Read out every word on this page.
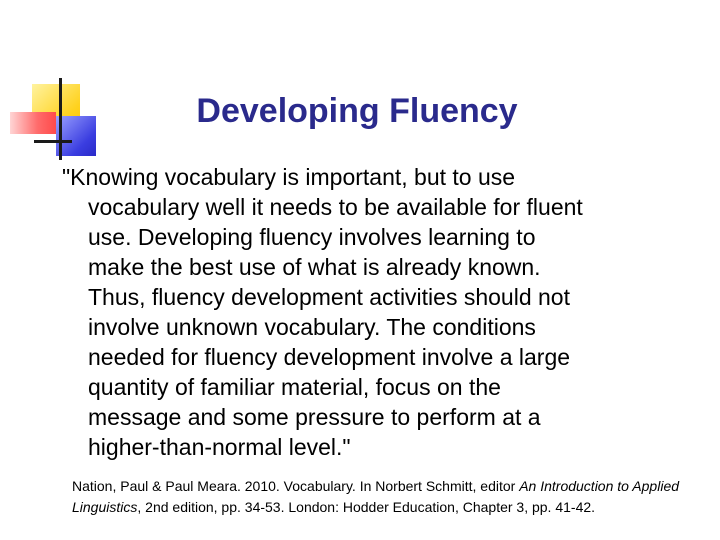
Developing Fluency
"Knowing vocabulary is important, but to use
vocabulary well it needs to be available for fluent
use. Developing fluency involves learning to
make the best use of what is already known.
Thus, fluency development activities should not
involve unknown vocabulary. The conditions
needed for fluency development involve a large
quantity of familiar material, focus on the
message and some pressure to perform at a
higher-than-normal level."
Nation, Paul & Paul Meara. 2010. Vocabulary. In Norbert Schmitt, editor An Introduction to Applied Linguistics, 2nd edition, pp. 34-53. London: Hodder Education, Chapter 3, pp. 41-42.
